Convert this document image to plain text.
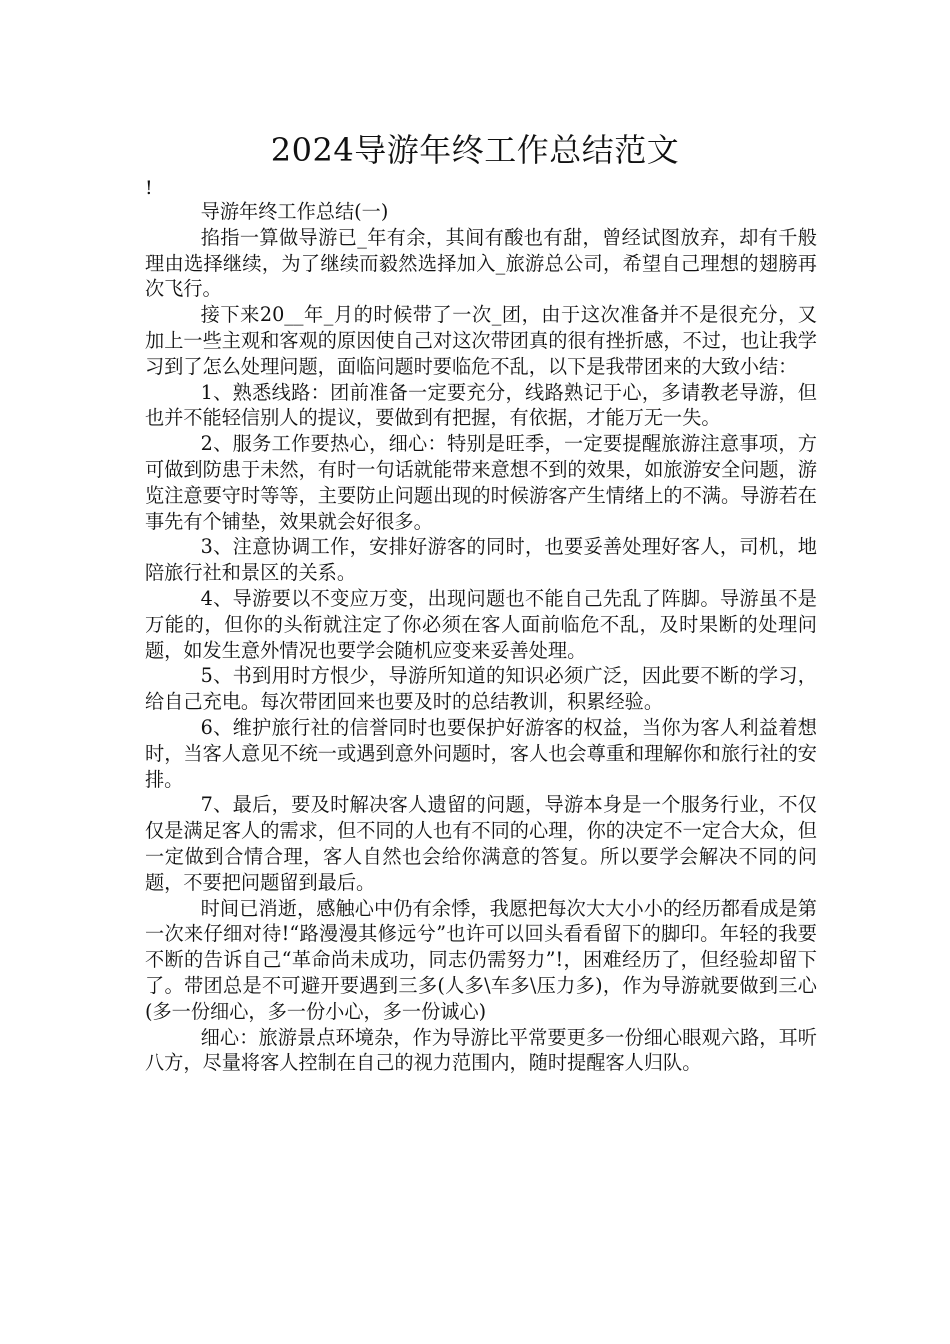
2024导游年终工作总结范文
!

导游年终工作总结(一)

掐指一算做导游已_年有余，其间有酸也有甜，曾经试图放弃，却有千般理由选择继续，为了继续而毅然选择加入_旅游总公司，希望自己理想的翅膀再次飞行。

接下来20__年_月的时候带了一次_团，由于这次准备并不是很充分，又加上一些主观和客观的原因使自己对这次带团真的很有挫折感，不过，也让我学习到了怎么处理问题，面临问题时要临危不乱，以下是我带团来的大致小结：

1、熟悉线路：团前准备一定要充分，线路熟记于心，多请教老导游，但也并不能轻信别人的提议，要做到有把握，有依据，才能万无一失。

2、服务工作要热心，细心：特别是旺季，一定要提醒旅游注意事项，方可做到防患于未然，有时一句话就能带来意想不到的效果，如旅游安全问题，游览注意要守时等等，主要防止问题出现的时候游客产生情绪上的不满。导游若在事先有个铺垫，效果就会好很多。

3、注意协调工作，安排好游客的同时，也要妥善处理好客人，司机，地陪旅行社和景区的关系。

4、导游要以不变应万变，出现问题也不能自己先乱了阵脚。导游虽不是万能的，但你的头衔就注定了你必须在客人面前临危不乱，及时果断的处理问题，如发生意外情况也要学会随机应变来妥善处理。

5、书到用时方恨少，导游所知道的知识必须广泛，因此要不断的学习，给自己充电。每次带团回来也要及时的总结教训，积累经验。

6、维护旅行社的信誉同时也要保护好游客的权益，当你为客人利益着想时，当客人意见不统一或遇到意外问题时，客人也会尊重和理解你和旅行社的安排。

7、最后，要及时解决客人遗留的问题，导游本身是一个服务行业，不仅仅是满足客人的需求，但不同的人也有不同的心理，你的决定不一定合大众，但一定做到合情合理，客人自然也会给你满意的答复。所以要学会解决不同的问题，不要把问题留到最后。

时间已消逝，感触心中仍有余悸，我愿把每次大大小小的经历都看成是第一次来仔细对待!“路漫漫其修远兮”也许可以回头看看留下的脚印。年轻的我要不断的告诉自己“革命尚未成功，同志仍需努力”!，困难经历了，但经验却留下了。带团总是不可避开要遇到三多(人多\车多\压力多)，作为导游就要做到三心(多一份细心，多一份小心，多一份诚心)

细心：旅游景点环境杂，作为导游比平常要更多一份细心眼观六路，耳听八方，尽量将客人控制在自己的视力范围内，随时提醒客人归队。
